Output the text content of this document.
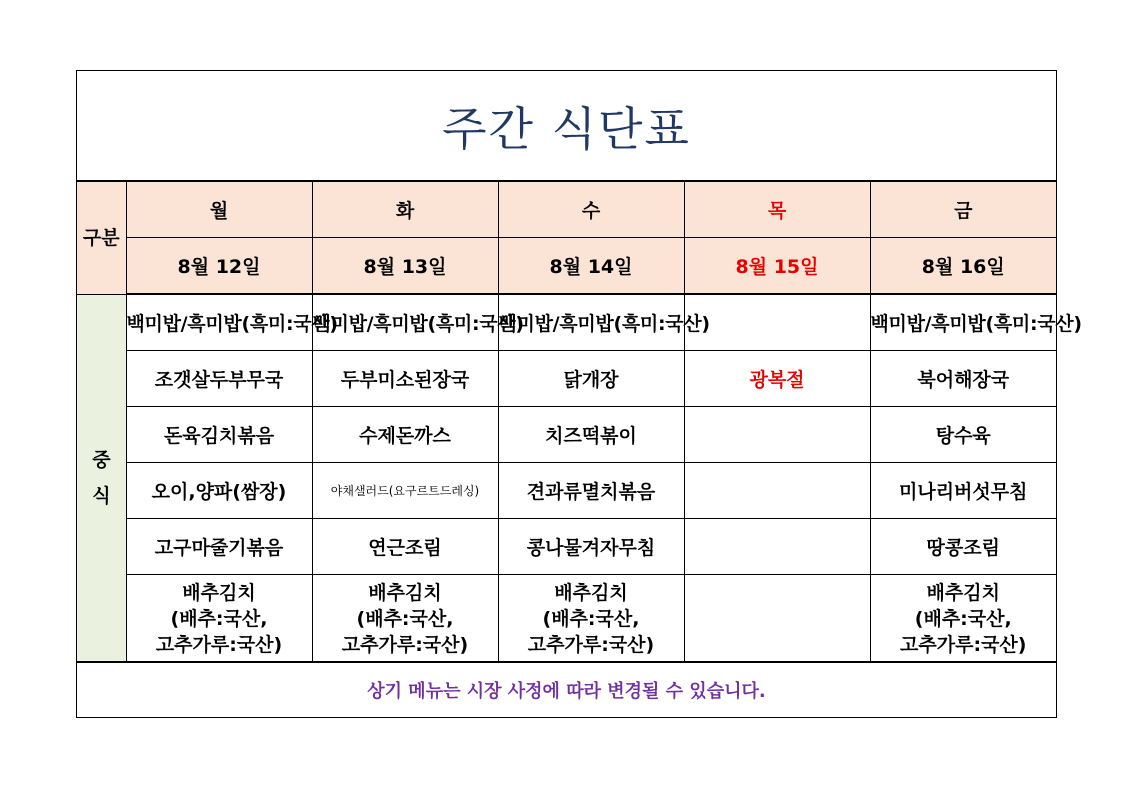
주간 식단표
구분	월	화	수	목	금
	8월 12일	8월 13일	8월 14일	8월 15일	8월 16일

중
식	백미밥/흑미밥(흑미:국산)	백미밥/흑미밥(흑미:국산)	백미밥/흑미밥(흑미:국산)		백미밥/흑미밥(흑미:국산)
	조갯살두부무국	두부미소된장국	닭개장	광복절	북어해장국
	돈육김치볶음	수제돈까스	치즈떡볶이		탕수육
	오이,양파(쌈장)	야채샐러드(요구르트드레싱)	견과류멸치볶음		미나리버섯무침
	고구마줄기볶음	연근조림	콩나물겨자무침		땅콩조림

	배추김치
(배추:국산,
고추가루:국산)	배추김치
(배추:국산,
고추가루:국산)	배추김치
(배추:국산,
고추가루:국산)		배추김치
(배추:국산,
고추가루:국산)
상기 메뉴는 시장 사정에 따라 변경될 수 있습니다.
